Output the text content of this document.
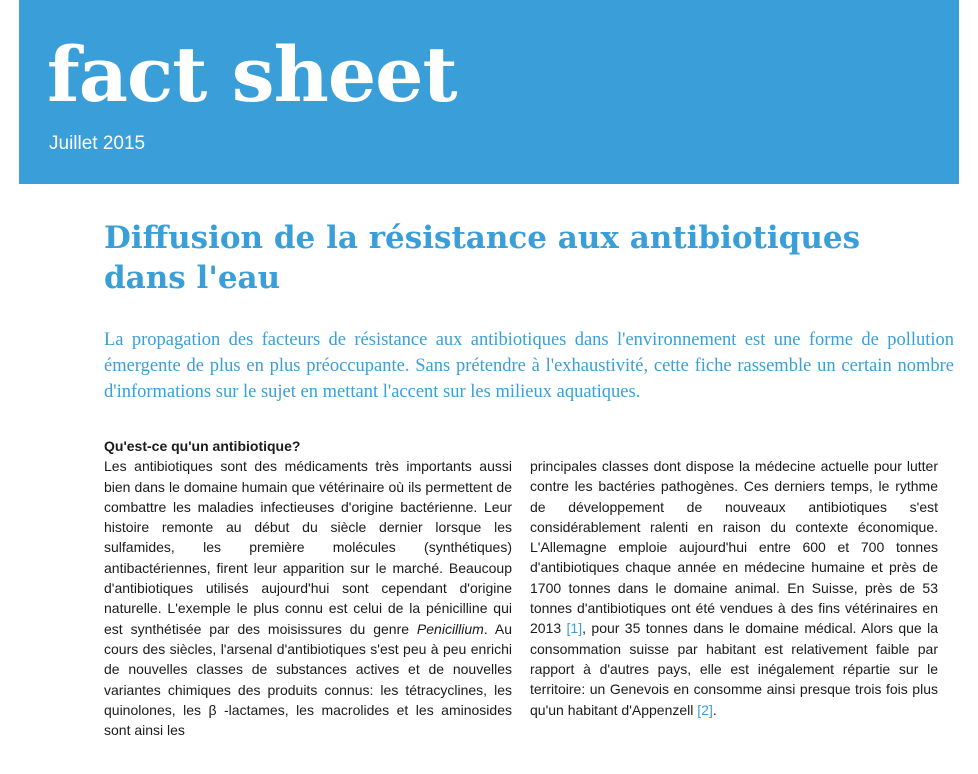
fact sheet
Juillet 2015
Diffusion de la résistance aux antibiotiques dans l'eau

La propagation des facteurs de résistance aux antibiotiques dans l'environnement est une forme de pollution émergente de plus en plus préoccupante. Sans prétendre à l'exhaustivité, cette fiche rassemble un certain nombre d'informations sur le sujet en mettant l'accent sur les milieux aquatiques.

Qu'est-ce qu'un antibiotique?

Les antibiotiques sont des médicaments très importants aussi bien dans le domaine humain que vétérinaire où ils permettent de combattre les maladies infectieuses d'origine bactérienne. Leur histoire remonte au début du siècle dernier lorsque les sulfamides, les première molécules (synthétiques) antibactériennes, firent leur apparition sur le marché. Beaucoup d'antibiotiques utilisés aujourd'hui sont cependant d'origine naturelle. L'exemple le plus connu est celui de la pénicilline qui est synthétisée par des moisissures du genre Penicillium. Au cours des siècles, l'arsenal d'antibiotiques s'est peu à peu enrichi de nouvelles classes de substances actives et de nouvelles variantes chimiques des produits connus: les tétracyclines, les quinolones, les β -lactames, les macrolides et les aminosides sont ainsi les

principales classes dont dispose la médecine actuelle pour lutter contre les bactéries pathogènes. Ces derniers temps, le rythme de développement de nouveaux antibiotiques s'est considérablement ralenti en raison du contexte économique. L'Allemagne emploie aujourd'hui entre 600 et 700 tonnes d'antibiotiques chaque année en médecine humaine et près de 1700 tonnes dans le domaine animal. En Suisse, près de 53 tonnes d'antibiotiques ont été vendues à des fins vétérinaires en 2013 [1], pour 35 tonnes dans le domaine médical. Alors que la consommation suisse par habitant est relativement faible par rapport à d'autres pays, elle est inégalement répartie sur le territoire: un Genevois en consomme ainsi presque trois fois plus qu'un habitant d'Appenzell [2].
